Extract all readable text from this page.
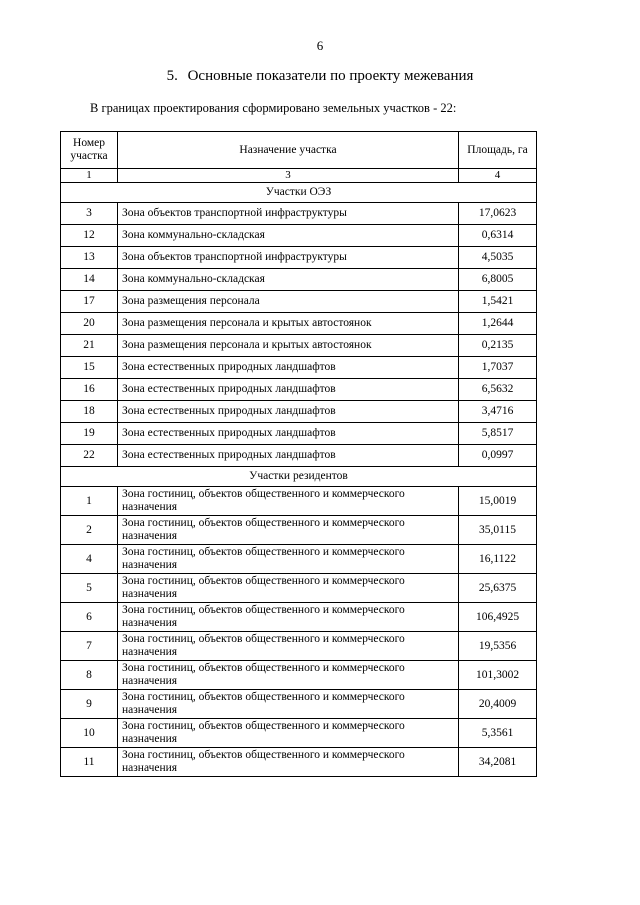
6
5. Основные показатели по проекту межевания
В границах проектирования сформировано земельных участков - 22:
Номер участка	Назначение участка	Площадь, га
1	3	4
Участки ОЭЗ		
3	Зона объектов транспортной инфраструктуры	17,0623
12	Зона коммунально-складская	0,6314
13	Зона объектов транспортной инфраструктуры	4,5035
14	Зона коммунально-складская	6,8005
17	Зона размещения персонала	1,5421
20	Зона размещения персонала и крытых автостоянок	1,2644
21	Зона размещения персонала и крытых автостоянок	0,2135
15	Зона естественных природных ландшафтов	1,7037
16	Зона естественных природных ландшафтов	6,5632
18	Зона естественных природных ландшафтов	3,4716
19	Зона естественных природных ландшафтов	5,8517
22	Зона естественных природных ландшафтов	0,0997
Участки резидентов		
1	Зона гостиниц, объектов общественного и коммерческого назначения	15,0019
2	Зона гостиниц, объектов общественного и коммерческого назначения	35,0115
4	Зона гостиниц, объектов общественного и коммерческого назначения	16,1122
5	Зона гостиниц, объектов общественного и коммерческого назначения	25,6375
6	Зона гостиниц, объектов общественного и коммерческого назначения	106,4925
7	Зона гостиниц, объектов общественного и коммерческого назначения	19,5356
8	Зона гостиниц, объектов общественного и коммерческого назначения	101,3002
9	Зона гостиниц, объектов общественного и коммерческого назначения	20,4009
10	Зона гостиниц, объектов общественного и коммерческого назначения	5,3561
11	Зона гостиниц, объектов общественного и коммерческого назначения	34,2081
